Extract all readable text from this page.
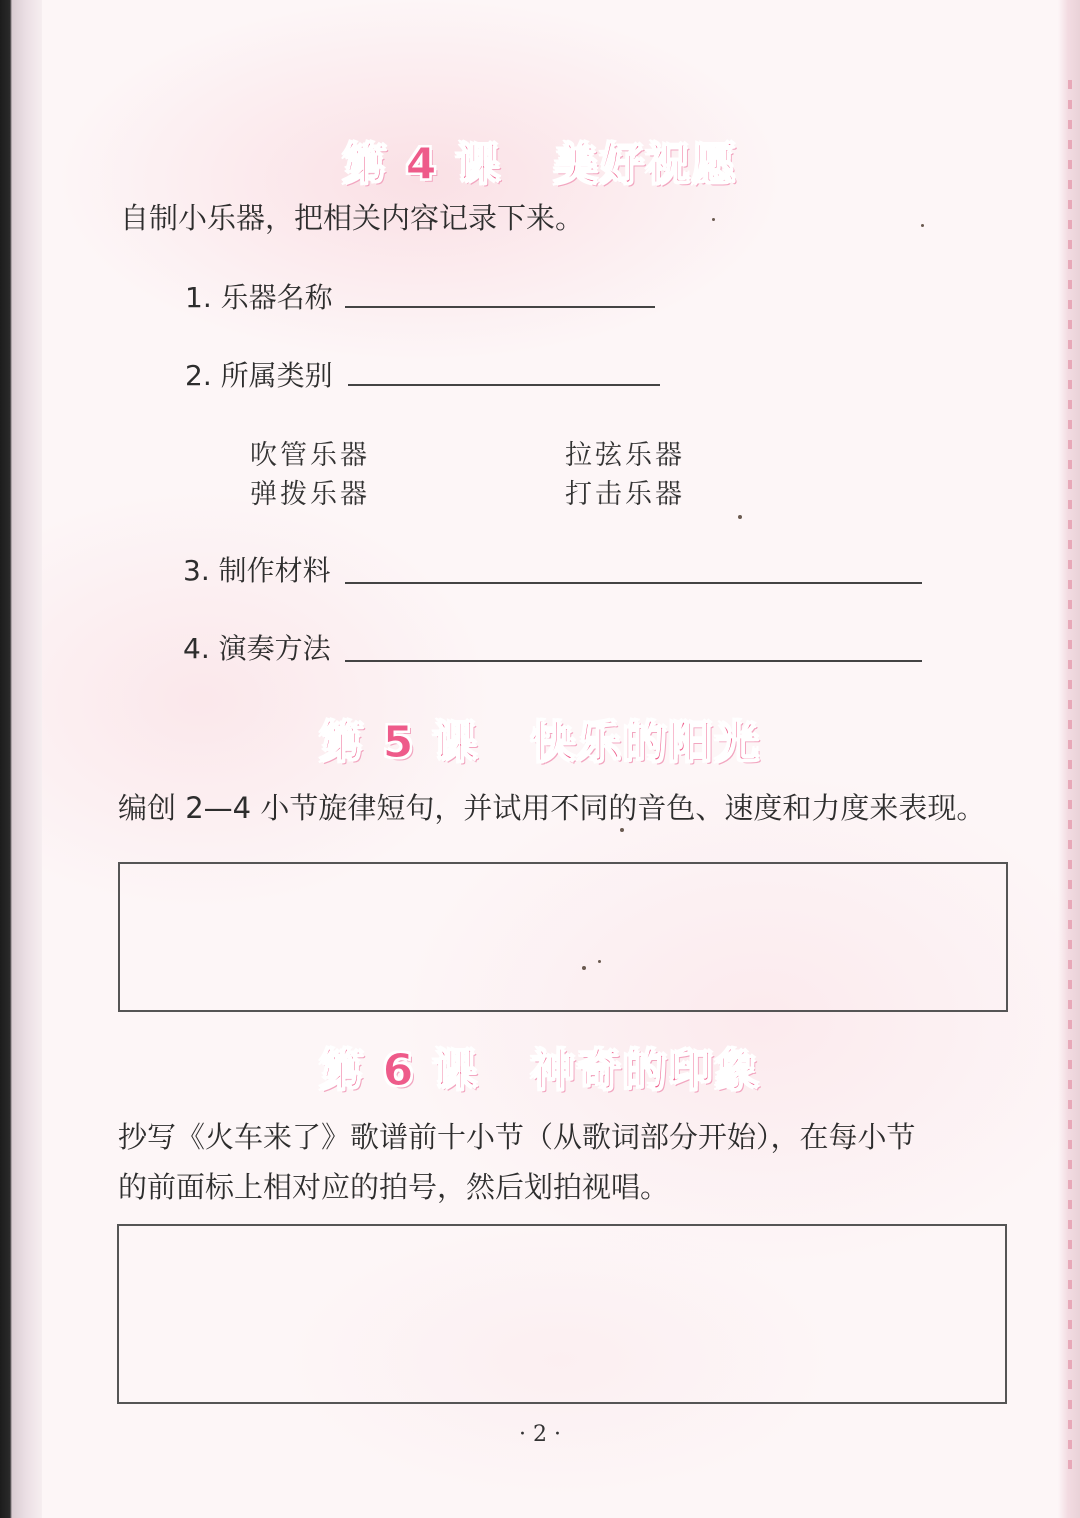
第 4 课   美好祝愿
自制小乐器，把相关内容记录下来。
1. 乐器名称
2. 所属类别
吹管乐器	拉弦乐器
弹拨乐器	打击乐器
3. 制作材料
4. 演奏方法
第 5 课   快乐的阳光
编创 2—4 小节旋律短句，并试用不同的音色、速度和力度来表现。
第 6 课   神奇的印象
抄写《火车来了》歌谱前十小节（从歌词部分开始），在每小节
的前面标上相对应的拍号，然后划拍视唱。
· 2 ·
